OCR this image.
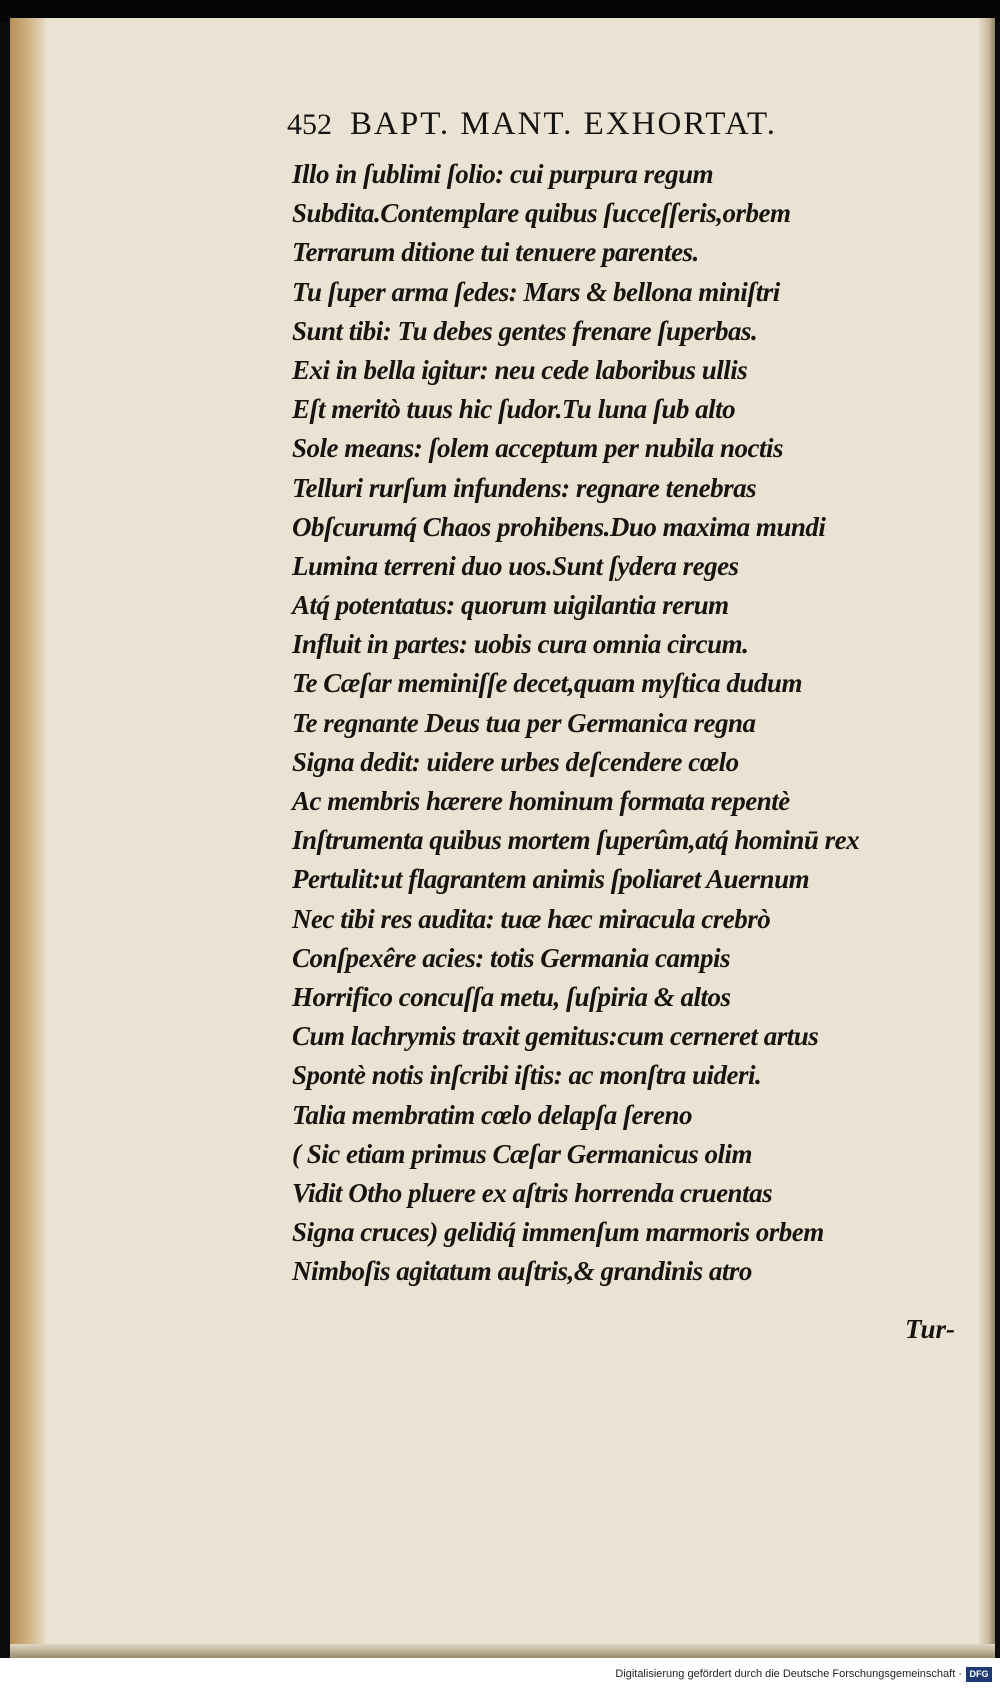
452 BAPT. MANT. EXHORTAT.
Illo in ſublimi ſolio: cui purpura regum
Subdita.Contemplare quibus ſucceſſeris,orbem
Terrarum ditione tui tenuere parentes.
Tu ſuper arma ſedes: Mars & bellona miniſtri
Sunt tibi: Tu debes gentes frenare ſuperbas.
Exi in bella igitur: neu cede laboribus ullis
Eſt meritò tuus hic ſudor.Tu luna ſub alto
Sole means: ſolem acceptum per nubila noctis
Telluri rurſum infundens: regnare tenebras
Obſcurumq́ Chaos prohibens.Duo maxima mundi
Lumina terreni duo uos.Sunt ſydera reges
Atq́ potentatus: quorum uigilantia rerum
Influit in partes: uobis cura omnia circum.
Te Cæſar meminiſſe decet,quam myſtica dudum
Te regnante Deus tua per Germanica regna
Signa dedit: uidere urbes deſcendere cœlo
Ac membris hærere hominum formata repentè
Inſtrumenta quibus mortem ſuperûm,atq́ hominū rex
Pertulit:ut flagrantem animis ſpoliaret Auernum
Nec tibi res audita: tuæ hæc miracula crebrò
Conſpexêre acies: totis Germania campis
Horrifico concuſſa metu, ſuſpiria & altos
Cum lachrymis traxit gemitus:cum cerneret artus
Spontè notis inſcribi iſtis: ac monſtra uideri.
Talia membratim cœlo delapſa ſereno
( Sic etiam primus Cæſar Germanicus olim
Vidit Otho pluere ex aſtris horrenda cruentas
Signa cruces) gelidiq́ immenſum marmoris orbem
Nimboſis agitatum auſtris,& grandinis atro
Tur-
Digitalisierung gefördert durch die Deutsche Forschungsgemeinschaft · DFG
